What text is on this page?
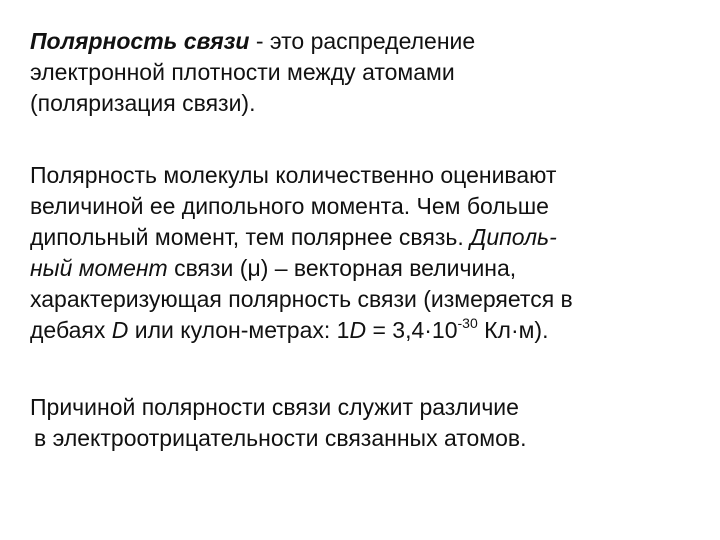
Полярность связи - это распределение
электронной плотности между атомами
(поляризация связи).

Полярность молекулы количественно оценивают
величиной ее дипольного момента. Чем больше
дипольный момент, тем полярнее связь. Диполь-
ный момент связи (μ) – векторная величина,
характеризующая полярность связи (измеряется в
дебаях D или кулон-метрах: $1D = 3,4\cdot 10^{-30}$ Кл·м).

Причиной полярности связи служит различие
в электроотрицательности связанных атомов.
